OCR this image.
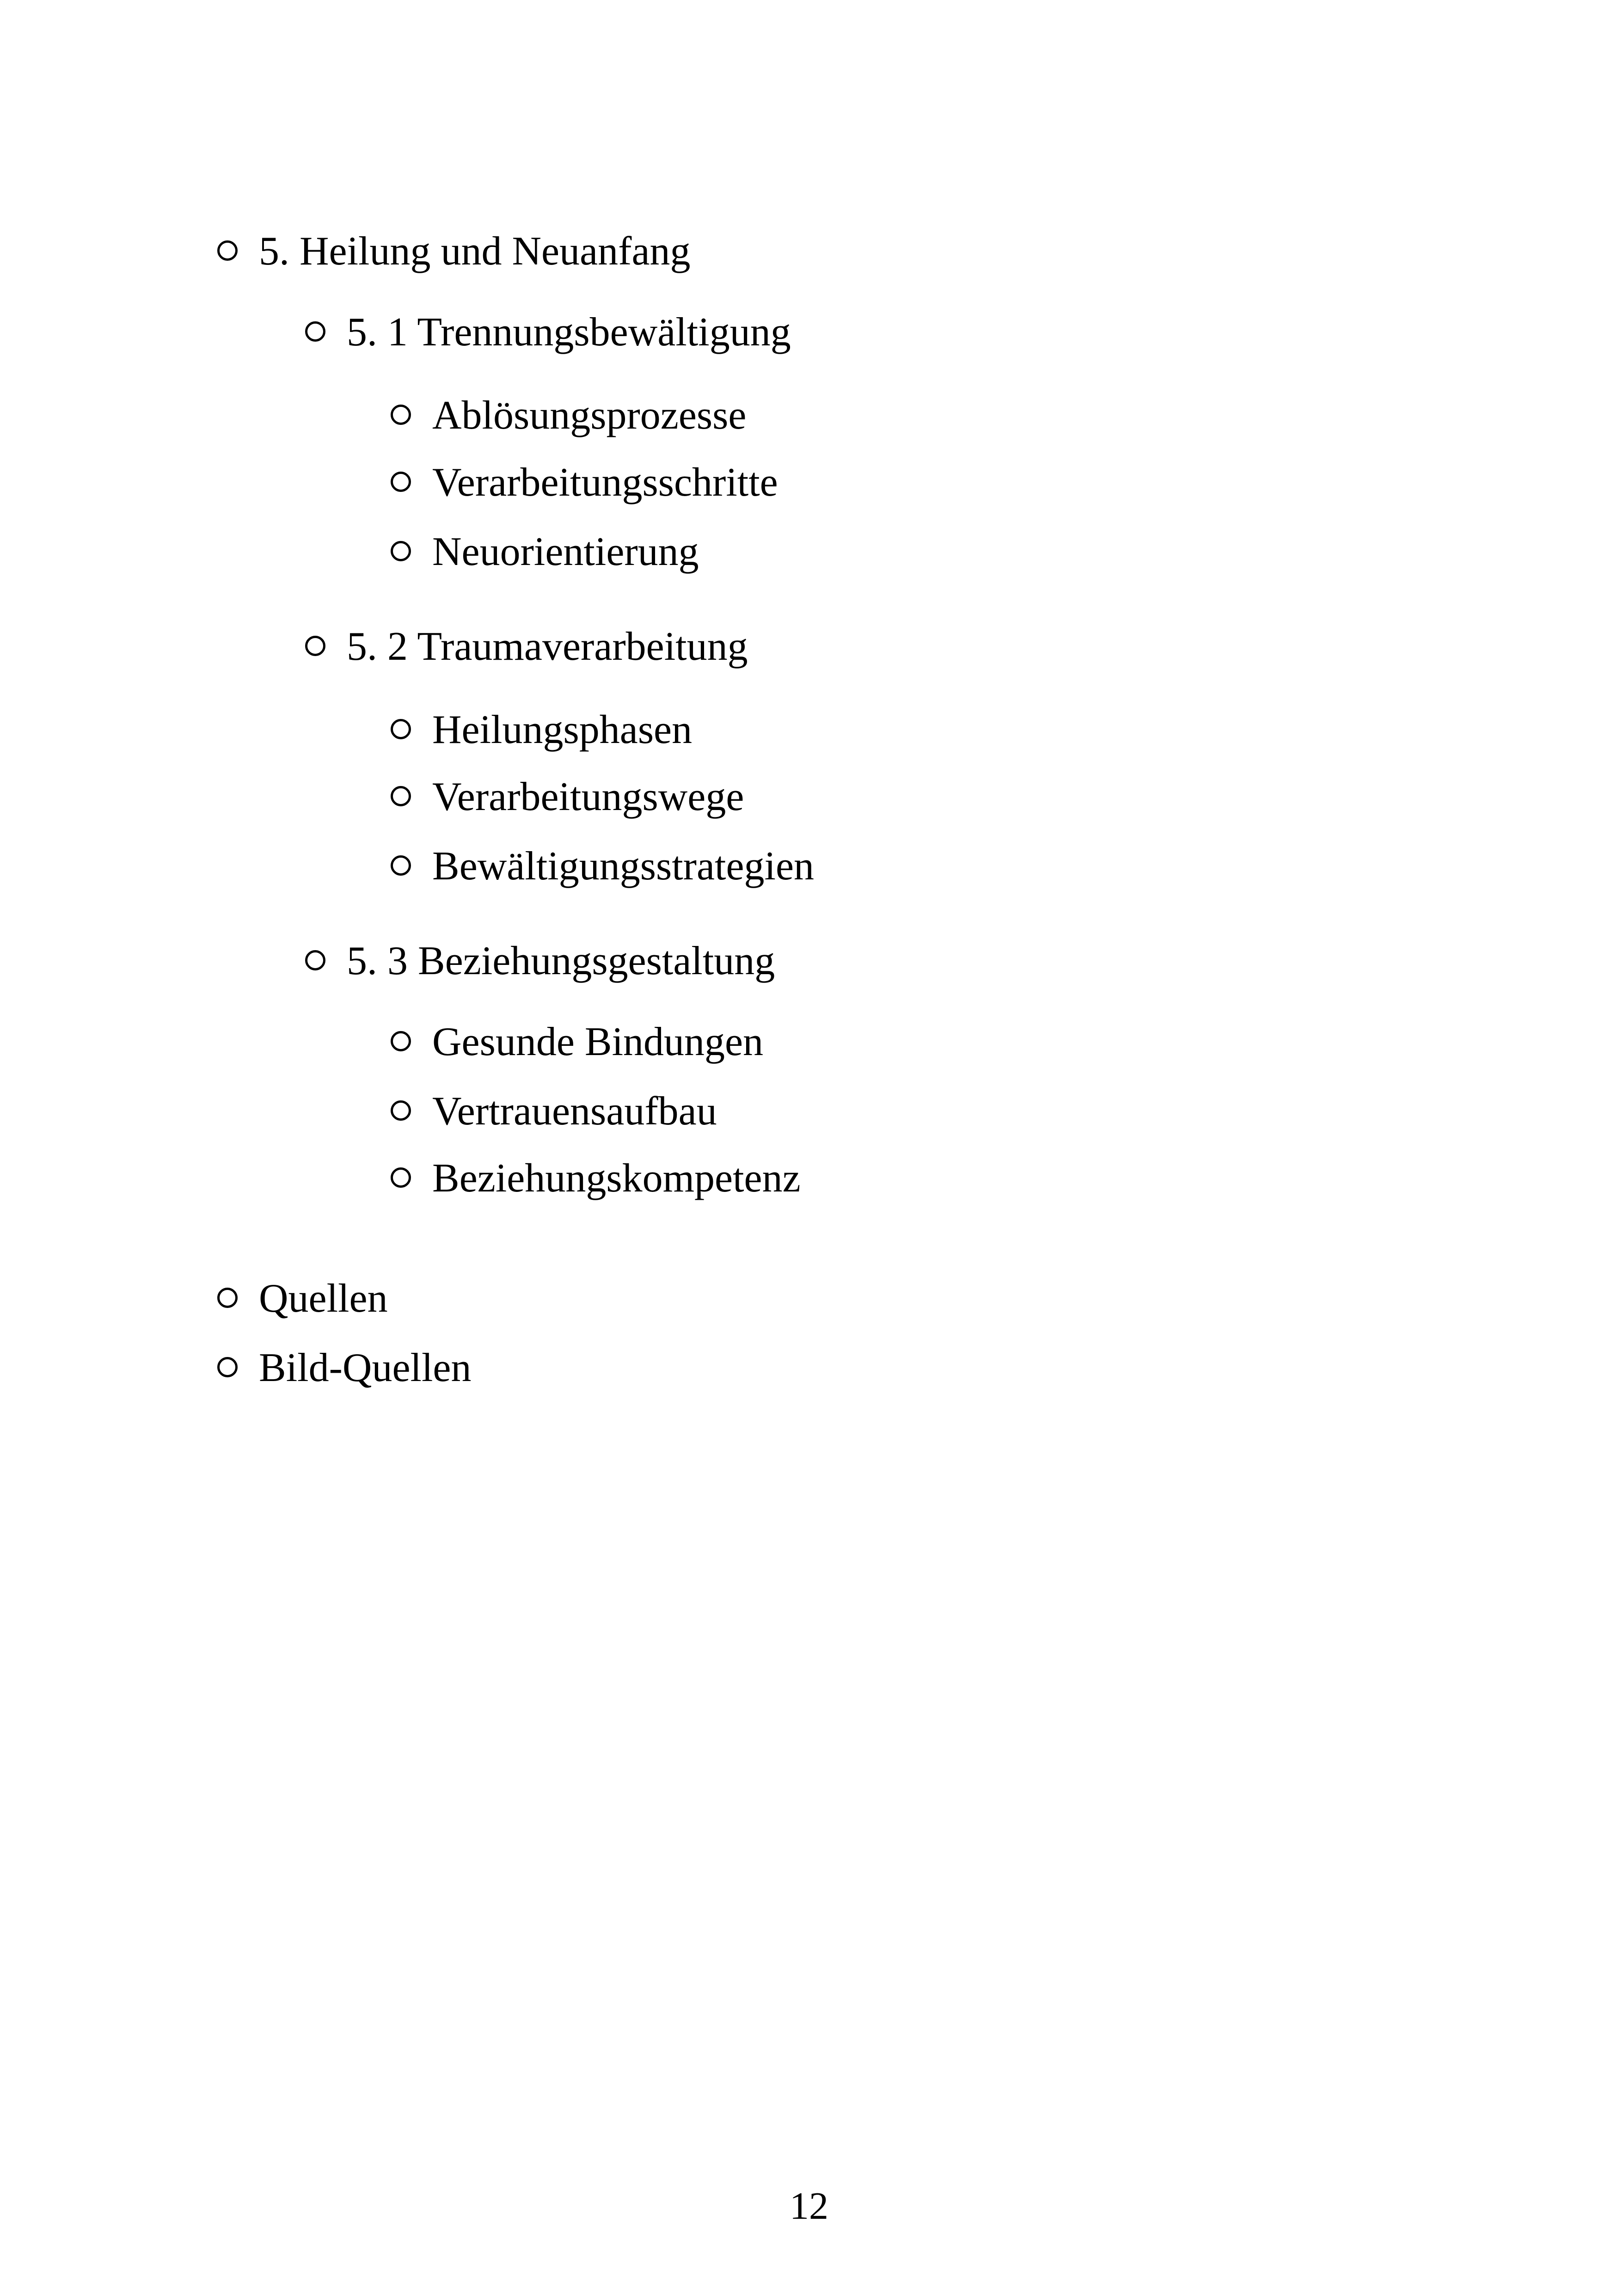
5. Heilung und Neuanfang
5. 1 Trennungsbewältigung
Ablösungsprozesse
Verarbeitungsschritte
Neuorientierung
5. 2 Traumaverarbeitung
Heilungsphasen
Verarbeitungswege
Bewältigungsstrategien
5. 3 Beziehungsgestaltung
Gesunde Bindungen
Vertrauensaufbau
Beziehungskompetenz
Quellen
Bild-Quellen
12
